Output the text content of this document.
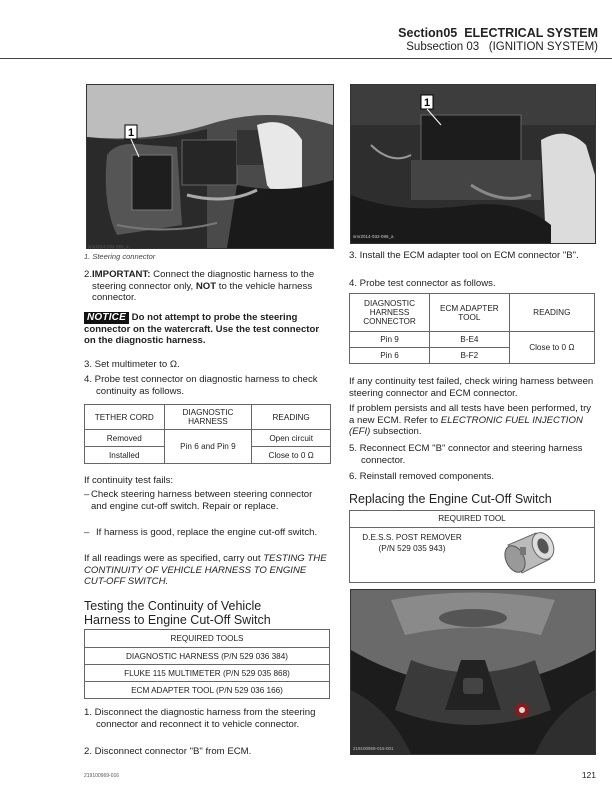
Section05 ELECTRICAL SYSTEM
Subsection 03 (IGNITION SYSTEM)
1
smr2014-032-095_a
1. Steering connector
2. IMPORTANT: Connect the diagnostic harness to the steering connector only, NOT to the vehicle harness connector.
NOTICE Do not attempt to probe the steering connector on the watercraft. Use the test connector on the diagnostic harness.
3. Set multimeter to Ω.
4. Probe test connector on diagnostic harness to check continuity as follows.
TETHER CORD	DIAGNOSTIC HARNESS	READING
Removed	Pin 6 and Pin 9	Open circuit
Installed		Close to 0 Ω
If continuity test fails:
– Check steering harness between steering connector and engine cut-off switch. Repair or replace.
– If harness is good, replace the engine cut-off switch.
If all readings were as specified, carry out TESTING THE CONTINUITY OF VEHICLE HARNESS TO ENGINE CUT-OFF SWITCH.
Testing the Continuity of Vehicle
Harness to Engine Cut-Off Switch
REQUIRED TOOLS
DIAGNOSTIC HARNESS (P/N 529 036 384)
FLUKE 115 MULTIMETER (P/N 529 035 868)
ECM ADAPTER TOOL (P/N 529 036 166)
1. Disconnect the diagnostic harness from the steering connector and reconnect it to vehicle connector.
2. Disconnect connector "B" from ECM.
219100969-016
1
smr2014-032-096_a
3. Install the ECM adapter tool on ECM connector "B".
4. Probe test connector as follows.
DIAGNOSTIC HARNESS CONNECTOR	ECM ADAPTER TOOL	READING
Pin 9	B-E4	Close to 0 Ω
Pin 6	B-F2	
If any continuity test failed, check wiring harness between steering connector and ECM connector.
If problem persists and all tests have been performed, try a new ECM. Refer to ELECTRONIC FUEL INJECTION (EFI) subsection.
5. Reconnect ECM "B" connector and steering harness connector.
6. Reinstall removed components.
Replacing the Engine Cut-Off Switch
REQUIRED TOOL
D.E.S.S. POST REMOVER (P/N 529 035 943)
219100959-015-001
121
